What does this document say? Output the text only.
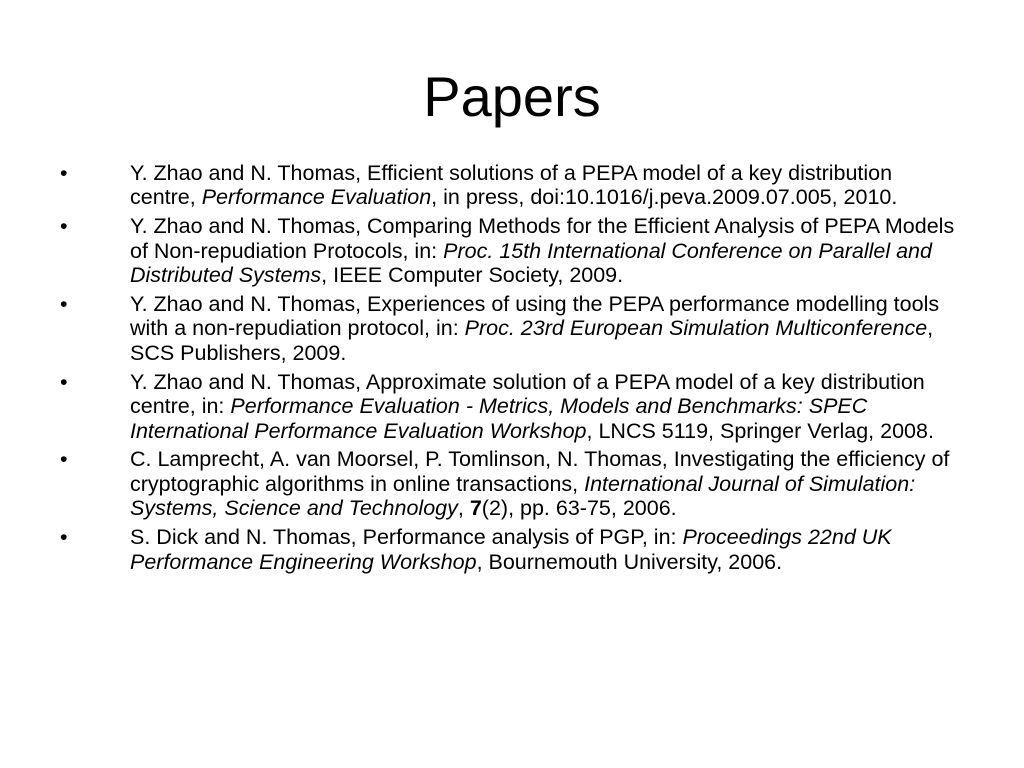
Papers
•	Y. Zhao and N. Thomas, Efficient solutions of a PEPA model of a key distribution centre, Performance Evaluation, in press, doi:10.1016/j.peva.2009.07.005, 2010.
•	Y. Zhao and N. Thomas, Comparing Methods for the Efficient Analysis of PEPA Models of Non-repudiation Protocols, in: Proc. 15th International Conference on Parallel and Distributed Systems, IEEE Computer Society, 2009.
•	Y. Zhao and N. Thomas, Experiences of using the PEPA performance modelling tools with a non-repudiation protocol, in: Proc. 23rd European Simulation Multiconference, SCS Publishers, 2009.
•	Y. Zhao and N. Thomas, Approximate solution of a PEPA model of a key distribution centre, in: Performance Evaluation - Metrics, Models and Benchmarks: SPEC International Performance Evaluation Workshop, LNCS 5119, Springer Verlag, 2008.
•	C. Lamprecht, A. van Moorsel, P. Tomlinson, N. Thomas, Investigating the efficiency of cryptographic algorithms in online transactions, International Journal of Simulation: Systems, Science and Technology, 7(2), pp. 63-75, 2006.
•	S. Dick and N. Thomas, Performance analysis of PGP, in: Proceedings 22nd UK Performance Engineering Workshop, Bournemouth University, 2006.
